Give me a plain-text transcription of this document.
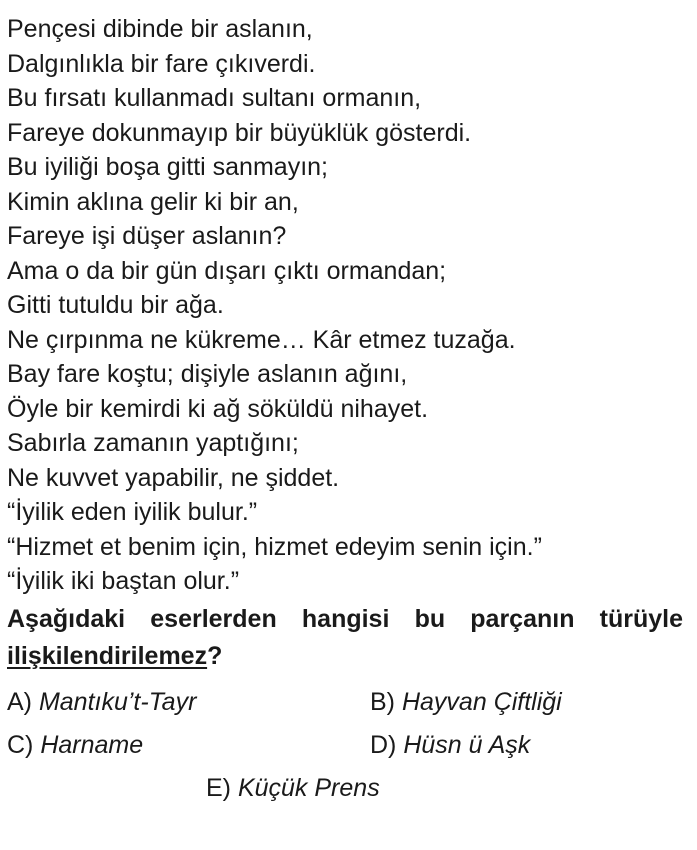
Pençesi dibinde bir aslanın,
Dalgınlıkla bir fare çıkıverdi.
Bu fırsatı kullanmadı sultanı ormanın,
Fareye dokunmayıp bir büyüklük gösterdi.
Bu iyiliği boşa gitti sanmayın;
Kimin aklına gelir ki bir an,
Fareye işi düşer aslanın?
Ama o da bir gün dışarı çıktı ormandan;
Gitti tutuldu bir ağa.
Ne çırpınma ne kükreme… Kâr etmez tuzağa.
Bay fare koştu; dişiyle aslanın ağını,
Öyle bir kemirdi ki ağ söküldü nihayet.
Sabırla zamanın yaptığını;
Ne kuvvet yapabilir, ne şiddet.
“İyilik eden iyilik bulur.”
“Hizmet et benim için, hizmet edeyim senin için.”
“İyilik iki baştan olur.”
Aşağıdaki eserlerden hangisi bu parçanın türüyle
ilişkilendirilemez?
A) Mantıku’t-Tayr	B) Hayvan Çiftliği
C) Harname	D) Hüsn ü Aşk
E) Küçük Prens
